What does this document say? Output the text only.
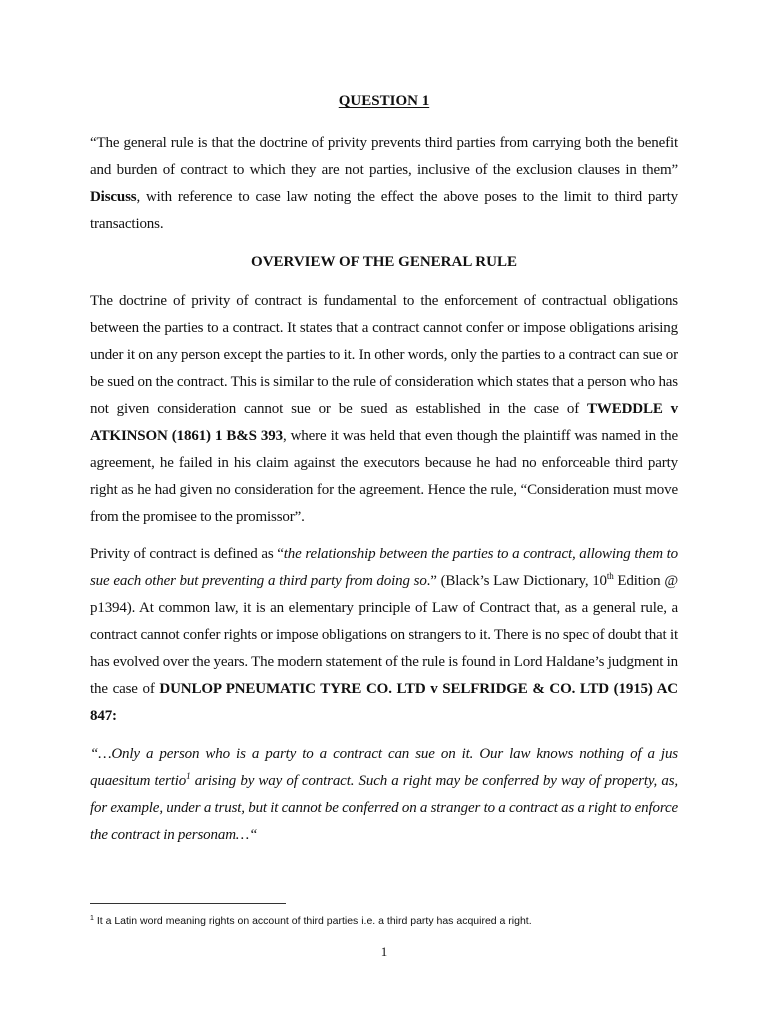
QUESTION 1

“The general rule is that the doctrine of privity prevents third parties from carrying both the benefit and burden of contract to which they are not parties, inclusive of the exclusion clauses in them” Discuss, with reference to case law noting the effect the above poses to the limit to third party transactions.

OVERVIEW OF THE GENERAL RULE

The doctrine of privity of contract is fundamental to the enforcement of contractual obligations between the parties to a contract. It states that a contract cannot confer or impose obligations arising under it on any person except the parties to it. In other words, only the parties to a contract can sue or be sued on the contract. This is similar to the rule of consideration which states that a person who has not given consideration cannot sue or be sued as established in the case of TWEDDLE v ATKINSON (1861) 1 B&S 393, where it was held that even though the plaintiff was named in the agreement, he failed in his claim against the executors because he had no enforceable third party right as he had given no consideration for the agreement. Hence the rule, “Consideration must move from the promisee to the promissor”.

Privity of contract is defined as “the relationship between the parties to a contract, allowing them to sue each other but preventing a third party from doing so.” (Black’s Law Dictionary, 10th Edition @ p1394). At common law, it is an elementary principle of Law of Contract that, as a general rule, a contract cannot confer rights or impose obligations on strangers to it. There is no spec of doubt that it has evolved over the years. The modern statement of the rule is found in Lord Haldane’s judgment in the case of DUNLOP PNEUMATIC TYRE CO. LTD v SELFRIDGE & CO. LTD (1915) AC 847:

“…Only a person who is a party to a contract can sue on it. Our law knows nothing of a jus quaesitum tertio$^1$ arising by way of contract. Such a right may be conferred by way of property, as, for example, under a trust, but it cannot be conferred on a stranger to a contract as a right to enforce the contract in personam…“

$^1$ It a Latin word meaning rights on account of third parties i.e. a third party has acquired a right.

1
